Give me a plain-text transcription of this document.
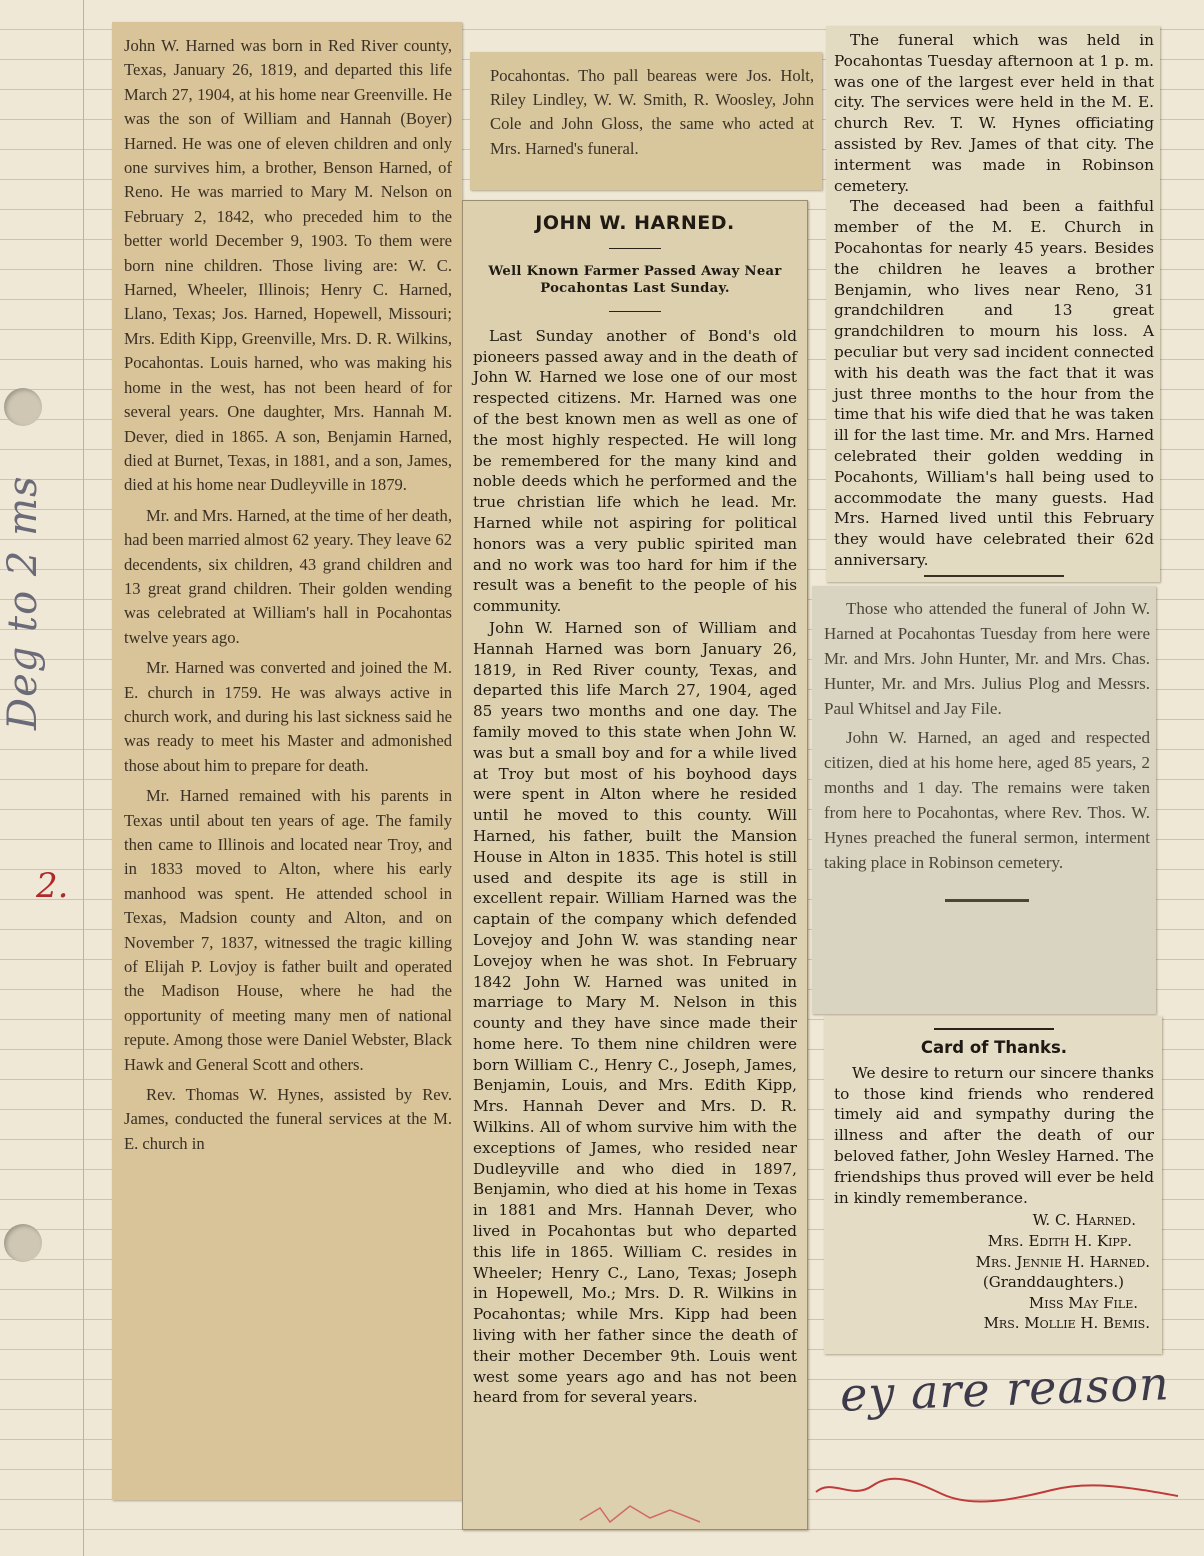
Deg to 2 ms
2.

John W. Harned was born in Red River county, Texas, January 26, 1819, and departed this life March 27, 1904, at his home near Greenville. He was the son of William and Hannah (Boyer) Harned. He was one of eleven children and only one survives him, a brother, Benson Harned, of Reno. He was married to Mary M. Nelson on February 2, 1842, who preceded him to the better world December 9, 1903. To them were born nine children. Those living are: W. C. Harned, Wheeler, Illinois; Henry C. Harned, Llano, Texas; Jos. Harned, Hopewell, Missouri; Mrs. Edith Kipp, Greenville, Mrs. D. R. Wilkins, Pocahontas. Louis harned, who was making his home in the west, has not been heard of for several years. One daughter, Mrs. Hannah M. Dever, died in 1865. A son, Benjamin Harned, died at Burnet, Texas, in 1881, and a son, James, died at his home near Dudleyville in 1879.

Mr. and Mrs. Harned, at the time of her death, had been married almost 62 yeary. They leave 62 decendents, six children, 43 grand children and 13 great grand children. Their golden wending was celebrated at William's hall in Pocahontas twelve years ago.

Mr. Harned was converted and joined the M. E. church in 1759. He was always active in church work, and during his last sickness said he was ready to meet his Master and admonished those about him to prepare for death.

Mr. Harned remained with his parents in Texas until about ten years of age. The family then came to Illinois and located near Troy, and in 1833 moved to Alton, where his early manhood was spent. He attended school in Texas, Madsion county and Alton, and on November 7, 1837, witnessed the tragic killing of Elijah P. Lovjoy is father built and operated the Madison House, where he had the opportunity of meeting many men of national repute. Among those were Daniel Webster, Black Hawk and General Scott and others.

Rev. Thomas W. Hynes, assisted by Rev. James, conducted the funeral services at the M. E. church in

Pocahontas. Tho pall beareas were Jos. Holt, Riley Lindley, W. W. Smith, R. Woosley, John Cole and John Gloss, the same who acted at Mrs. Harned's funeral.

JOHN W. HARNED.
Well Known Farmer Passed Away Near Pocahontas Last Sunday.

Last Sunday another of Bond's old pioneers passed away and in the death of John W. Harned we lose one of our most respected citizens. Mr. Harned was one of the best known men as well as one of the most highly respected. He will long be remembered for the many kind and noble deeds which he performed and the true christian life which he lead. Mr. Harned while not aspiring for political honors was a very public spirited man and no work was too hard for him if the result was a benefit to the people of his community.

John W. Harned son of William and Hannah Harned was born January 26, 1819, in Red River county, Texas, and departed this life March 27, 1904, aged 85 years two months and one day. The family moved to this state when John W. was but a small boy and for a while lived at Troy but most of his boyhood days were spent in Alton where he resided until he moved to this county. Will Harned, his father, built the Mansion House in Alton in 1835. This hotel is still used and despite its age is still in excellent repair. William Harned was the captain of the company which defended Lovejoy and John W. was standing near Lovejoy when he was shot. In February 1842 John W. Harned was united in marriage to Mary M. Nelson in this county and they have since made their home here. To them nine children were born William C., Henry C., Joseph, James, Benjamin, Louis, and Mrs. Edith Kipp, Mrs. Hannah Dever and Mrs. D. R. Wilkins. All of whom survive him with the exceptions of James, who resided near Dudleyville and who died in 1897, Benjamin, who died at his home in Texas in 1881 and Mrs. Hannah Dever, who lived in Pocahontas but who departed this life in 1865. William C. resides in Wheeler; Henry C., Lano, Texas; Joseph in Hopewell, Mo.; Mrs. D. R. Wilkins in Pocahontas; while Mrs. Kipp had been living with her father since the death of their mother December 9th. Louis went west some years ago and has not been heard from for several years.

The funeral which was held in Pocahontas Tuesday afternoon at 1 p. m. was one of the largest ever held in that city. The services were held in the M. E. church Rev. T. W. Hynes officiating assisted by Rev. James of that city. The interment was made in Robinson cemetery.

The deceased had been a faithful member of the M. E. Church in Pocahontas for nearly 45 years. Besides the children he leaves a brother Benjamin, who lives near Reno, 31 grandchildren and 13 great grandchildren to mourn his loss. A peculiar but very sad incident connected with his death was the fact that it was just three months to the hour from the time that his wife died that he was taken ill for the last time. Mr. and Mrs. Harned celebrated their golden wedding in Pocahonts, William's hall being used to accommodate the many guests. Had Mrs. Harned lived until this February they would have celebrated their 62d anniversary.

Those who attended the funeral of John W. Harned at Pocahontas Tuesday from here were Mr. and Mrs. John Hunter, Mr. and Mrs. Chas. Hunter, Mr. and Mrs. Julius Plog and Messrs. Paul Whitsel and Jay File.

John W. Harned, an aged and respected citizen, died at his home here, aged 85 years, 2 months and 1 day. The remains were taken from here to Pocahontas, where Rev. Thos. W. Hynes preached the funeral sermon, interment taking place in Robinson cemetery.

Card of Thanks.

We desire to return our sincere thanks to those kind friends who rendered timely aid and sympathy during the illness and after the death of our beloved father, John Wesley Harned. The friendships thus proved will ever be held in kindly rememberance.

W. C. Harned.
Mrs. Edith H. Kipp.
Mrs. Jennie H. Harned.
(Granddaughters.)
Miss May File.
Mrs. Mollie H. Bemis.
ey are reason
